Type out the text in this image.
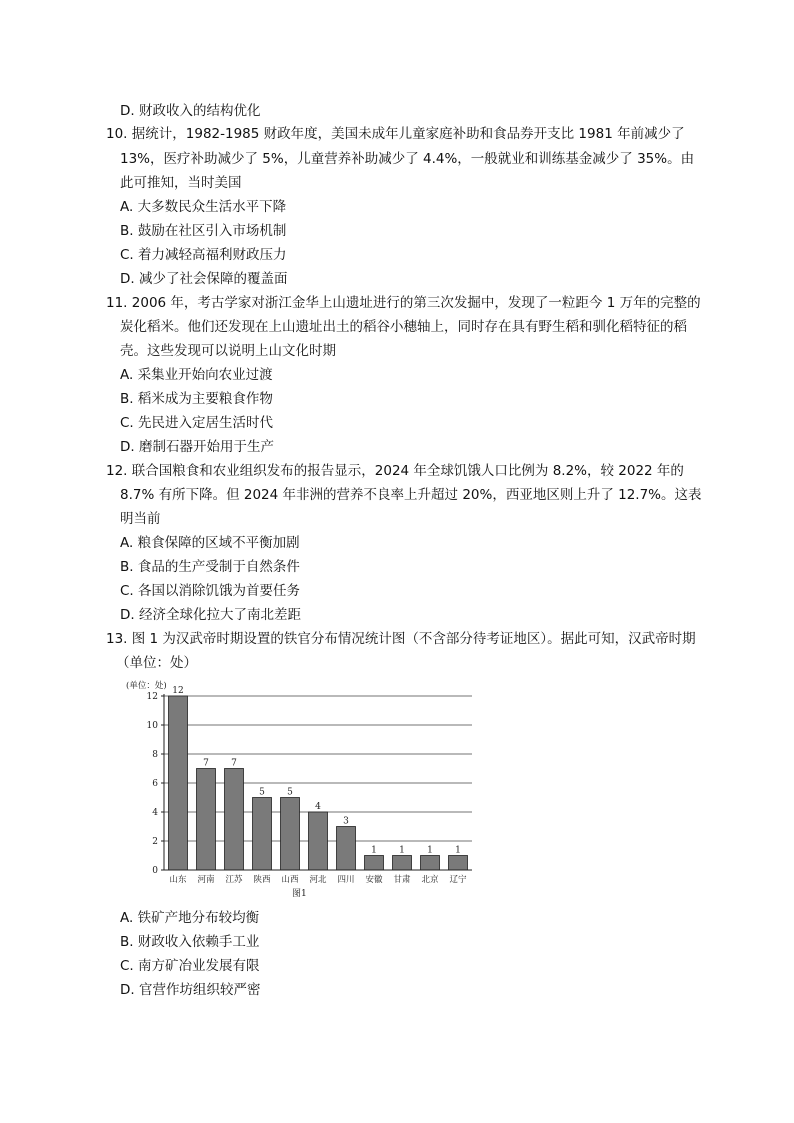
D. 财政收入的结构优化
10. 据统计，1982-1985 财政年度，美国未成年儿童家庭补助和食品券开支比 1981 年前减少了
13%，医疗补助减少了 5%，儿童营养补助减少了 4.4%，一般就业和训练基金减少了 35%。由
此可推知，当时美国
A. 大多数民众生活水平下降
B. 鼓励在社区引入市场机制
C. 着力减轻高福利财政压力
D. 减少了社会保障的覆盖面
11. 2006 年，考古学家对浙江金华上山遗址进行的第三次发掘中，发现了一粒距今 1 万年的完整的
炭化稻米。他们还发现在上山遗址出土的稻谷小穗轴上，同时存在具有野生稻和驯化稻特征的稻
壳。这些发现可以说明上山文化时期
A. 采集业开始向农业过渡
B. 稻米成为主要粮食作物
C. 先民进入定居生活时代
D. 磨制石器开始用于生产
12. 联合国粮食和农业组织发布的报告显示，2024 年全球饥饿人口比例为 8.2%，较 2022 年的
8.7% 有所下降。但 2024 年非洲的营养不良率上升超过 20%，西亚地区则上升了 12.7%。这表
明当前
A. 粮食保障的区域不平衡加剧
B. 食品的生产受制于自然条件
C. 各国以消除饥饿为首要任务
D. 经济全球化拉大了南北差距
13. 图 1 为汉武帝时期设置的铁官分布情况统计图（不含部分待考证地区）。据此可知，汉武帝时期
（单位：处）
0
2
4
6
8
10
12
12
山东
7
河南
7
江苏
5
陕西
5
山西
4
河北
3
四川
1
安徽
1
甘肃
1
北京
1
辽宁
(单位：处)
图1
A. 铁矿产地分布较均衡
B. 财政收入依赖手工业
C. 南方矿冶业发展有限
D. 官营作坊组织较严密
